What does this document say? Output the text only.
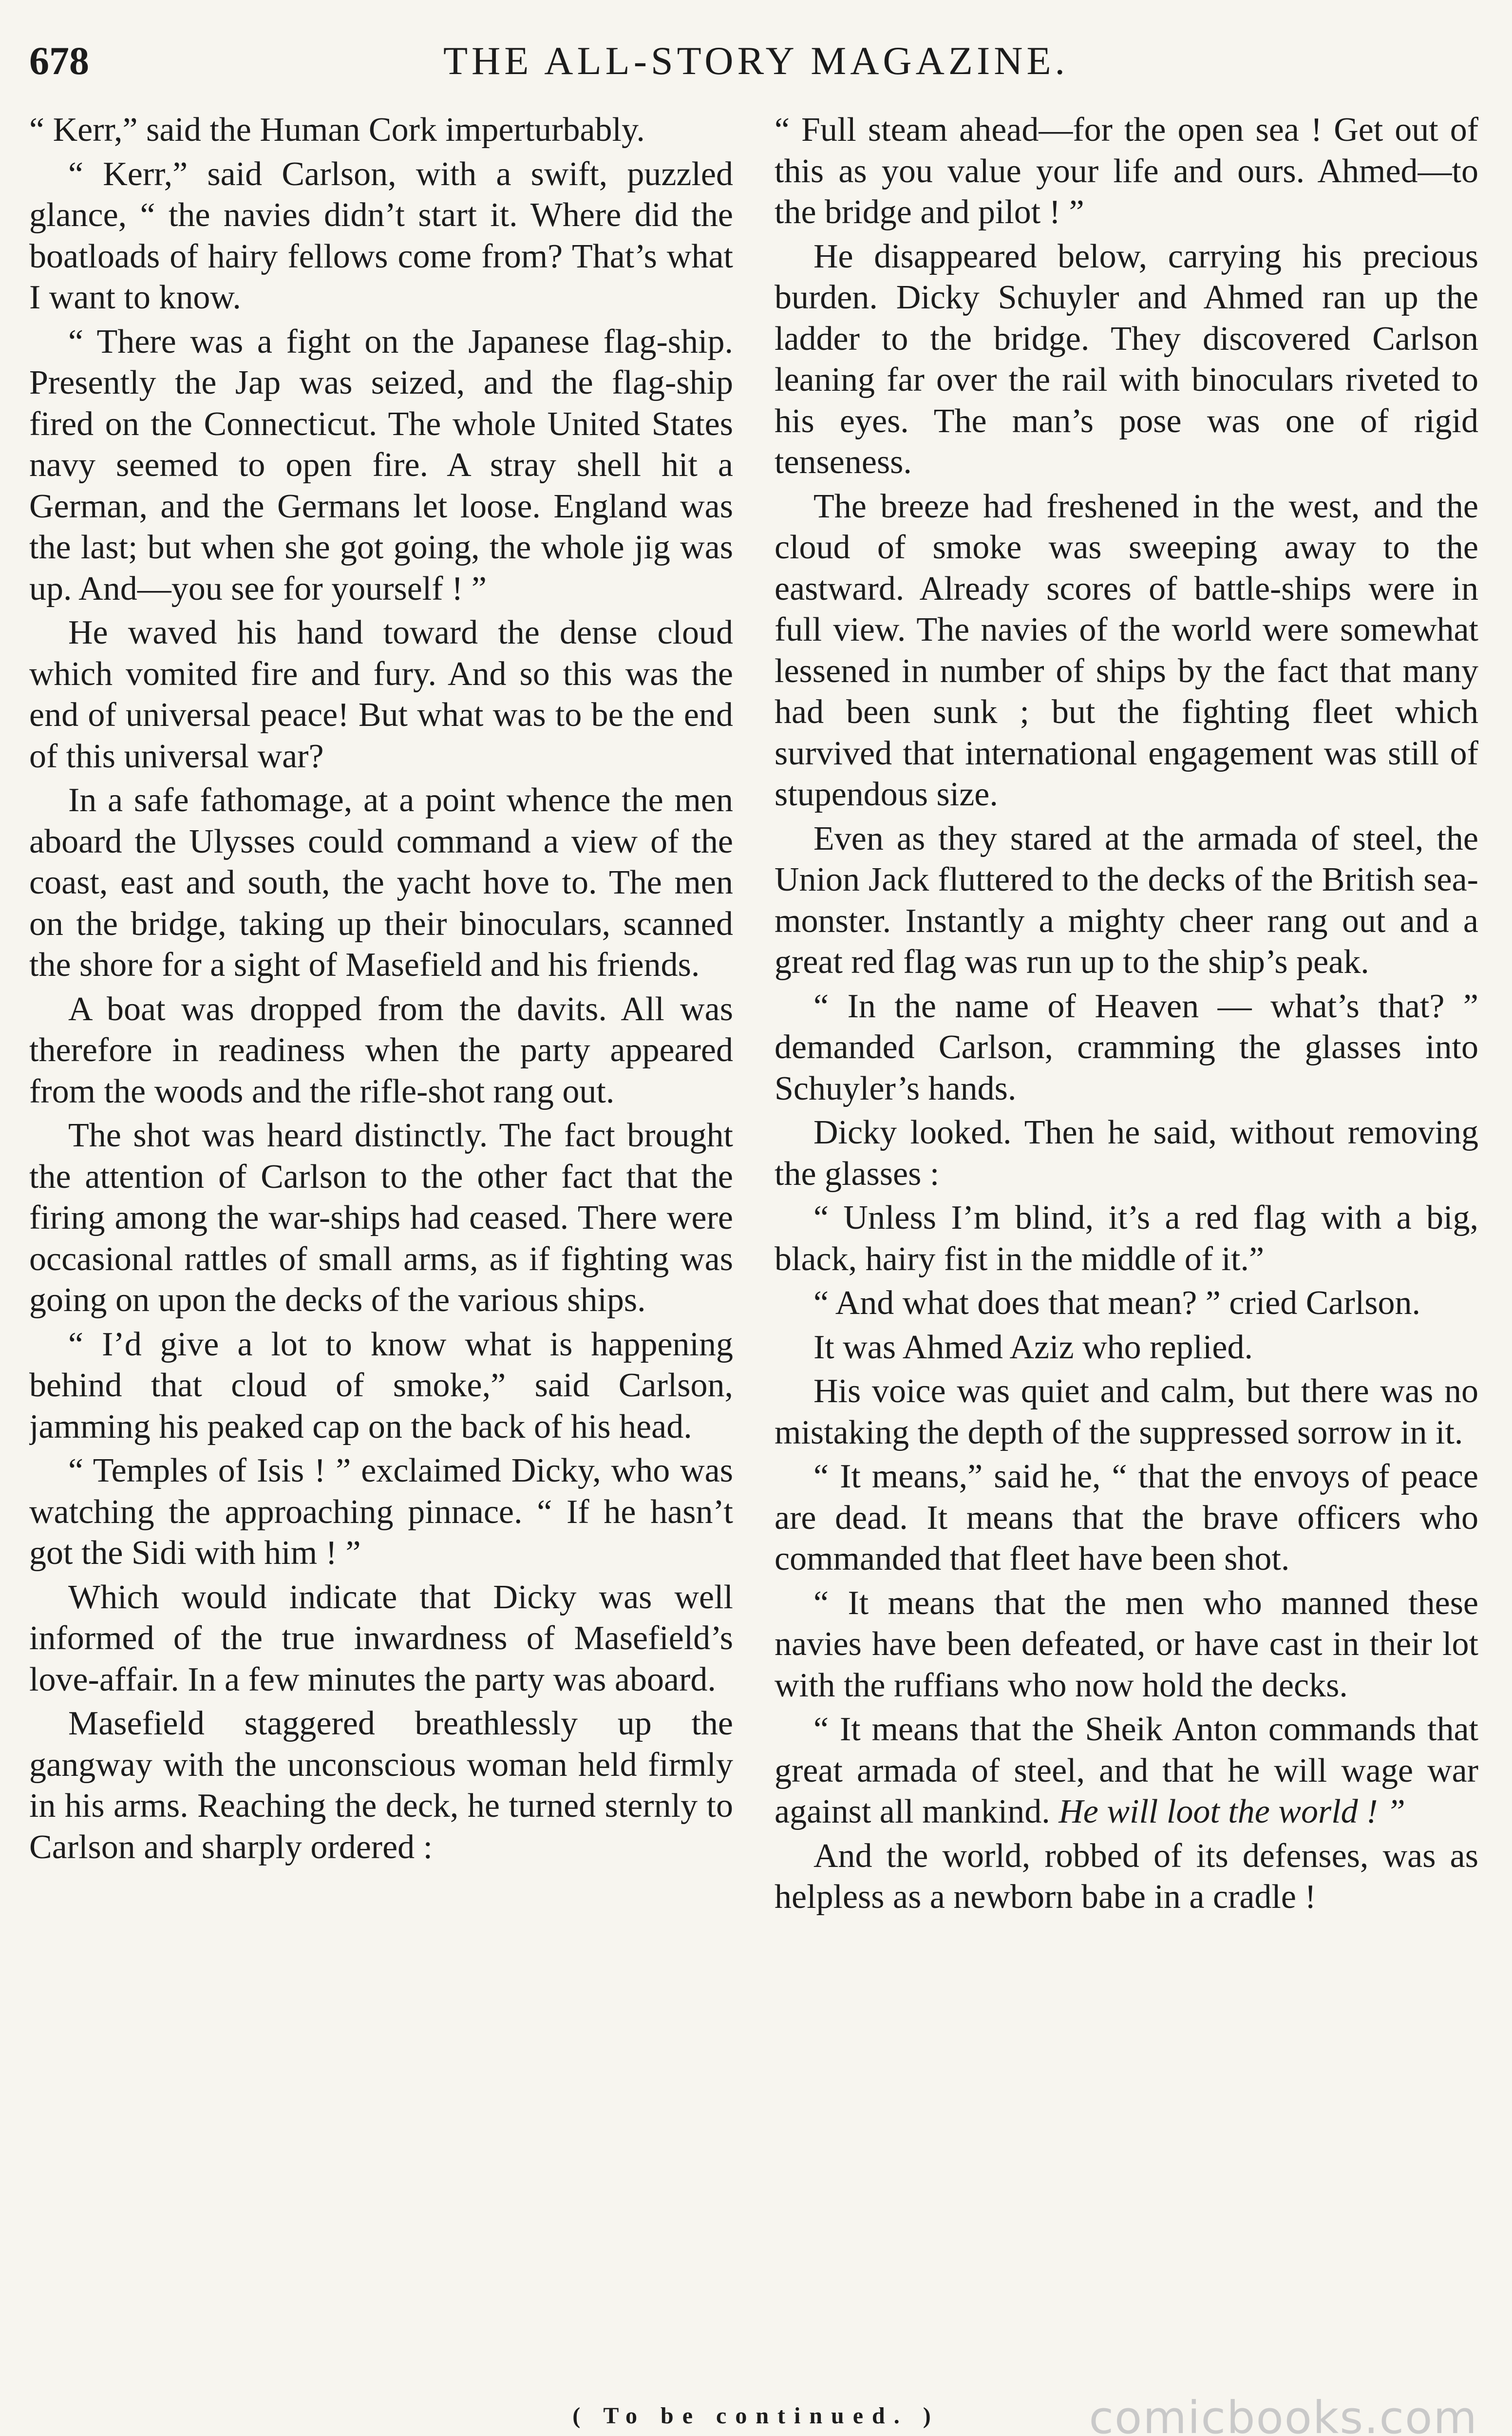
678	THE ALL-STORY MAGAZINE.

“ Kerr,” said the Human Cork imperturbably.

“ Kerr,” said Carlson, with a swift, puzzled glance, “ the navies didn’t start it. Where did the boatloads of hairy fellows come from? That’s what I want to know.

“ There was a fight on the Japanese flag-ship. Presently the Jap was seized, and the flag-ship fired on the Connecticut. The whole United States navy seemed to open fire. A stray shell hit a German, and the Germans let loose. England was the last; but when she got going, the whole jig was up. And—you see for yourself ! ”

He waved his hand toward the dense cloud which vomited fire and fury. And so this was the end of universal peace! But what was to be the end of this universal war?

In a safe fathomage, at a point whence the men aboard the Ulysses could command a view of the coast, east and south, the yacht hove to. The men on the bridge, taking up their binoculars, scanned the shore for a sight of Masefield and his friends.

A boat was dropped from the davits. All was therefore in readiness when the party appeared from the woods and the rifle-shot rang out.

The shot was heard distinctly. The fact brought the attention of Carlson to the other fact that the firing among the war-ships had ceased. There were occasional rattles of small arms, as if fighting was going on upon the decks of the various ships.

“ I’d give a lot to know what is happening behind that cloud of smoke,” said Carlson, jamming his peaked cap on the back of his head.

“ Temples of Isis ! ” exclaimed Dicky, who was watching the approaching pinnace. “ If he hasn’t got the Sidi with him ! ”

Which would indicate that Dicky was well informed of the true inwardness of Masefield’s love-affair. In a few minutes the party was aboard.

Masefield staggered breathlessly up the gangway with the unconscious woman held firmly in his arms. Reaching the deck, he turned sternly to Carlson and sharply ordered :

“ Full steam ahead—for the open sea ! Get out of this as you value your life and ours. Ahmed—to the bridge and pilot ! ”

He disappeared below, carrying his precious burden. Dicky Schuyler and Ahmed ran up the ladder to the bridge. They discovered Carlson leaning far over the rail with binoculars riveted to his eyes. The man’s pose was one of rigid tenseness.

The breeze had freshened in the west, and the cloud of smoke was sweeping away to the eastward. Already scores of battle-ships were in full view. The navies of the world were somewhat lessened in number of ships by the fact that many had been sunk ; but the fighting fleet which survived that international engagement was still of stupendous size.

Even as they stared at the armada of steel, the Union Jack fluttered to the decks of the British sea-monster. Instantly a mighty cheer rang out and a great red flag was run up to the ship’s peak.

“ In the name of Heaven — what’s that? ” demanded Carlson, cramming the glasses into Schuyler’s hands.

Dicky looked. Then he said, without removing the glasses :

“ Unless I’m blind, it’s a red flag with a big, black, hairy fist in the middle of it.”

“ And what does that mean? ” cried Carlson.

It was Ahmed Aziz who replied.

His voice was quiet and calm, but there was no mistaking the depth of the suppressed sorrow in it.

“ It means,” said he, “ that the envoys of peace are dead. It means that the brave officers who commanded that fleet have been shot.

“ It means that the men who manned these navies have been defeated, or have cast in their lot with the ruffians who now hold the decks.

“ It means that the Sheik Anton commands that great armada of steel, and that he will wage war against all mankind. He will loot the world ! ”

And the world, robbed of its defenses, was as helpless as a newborn babe in a cradle !

( To be continued. )	comicbooks.com
